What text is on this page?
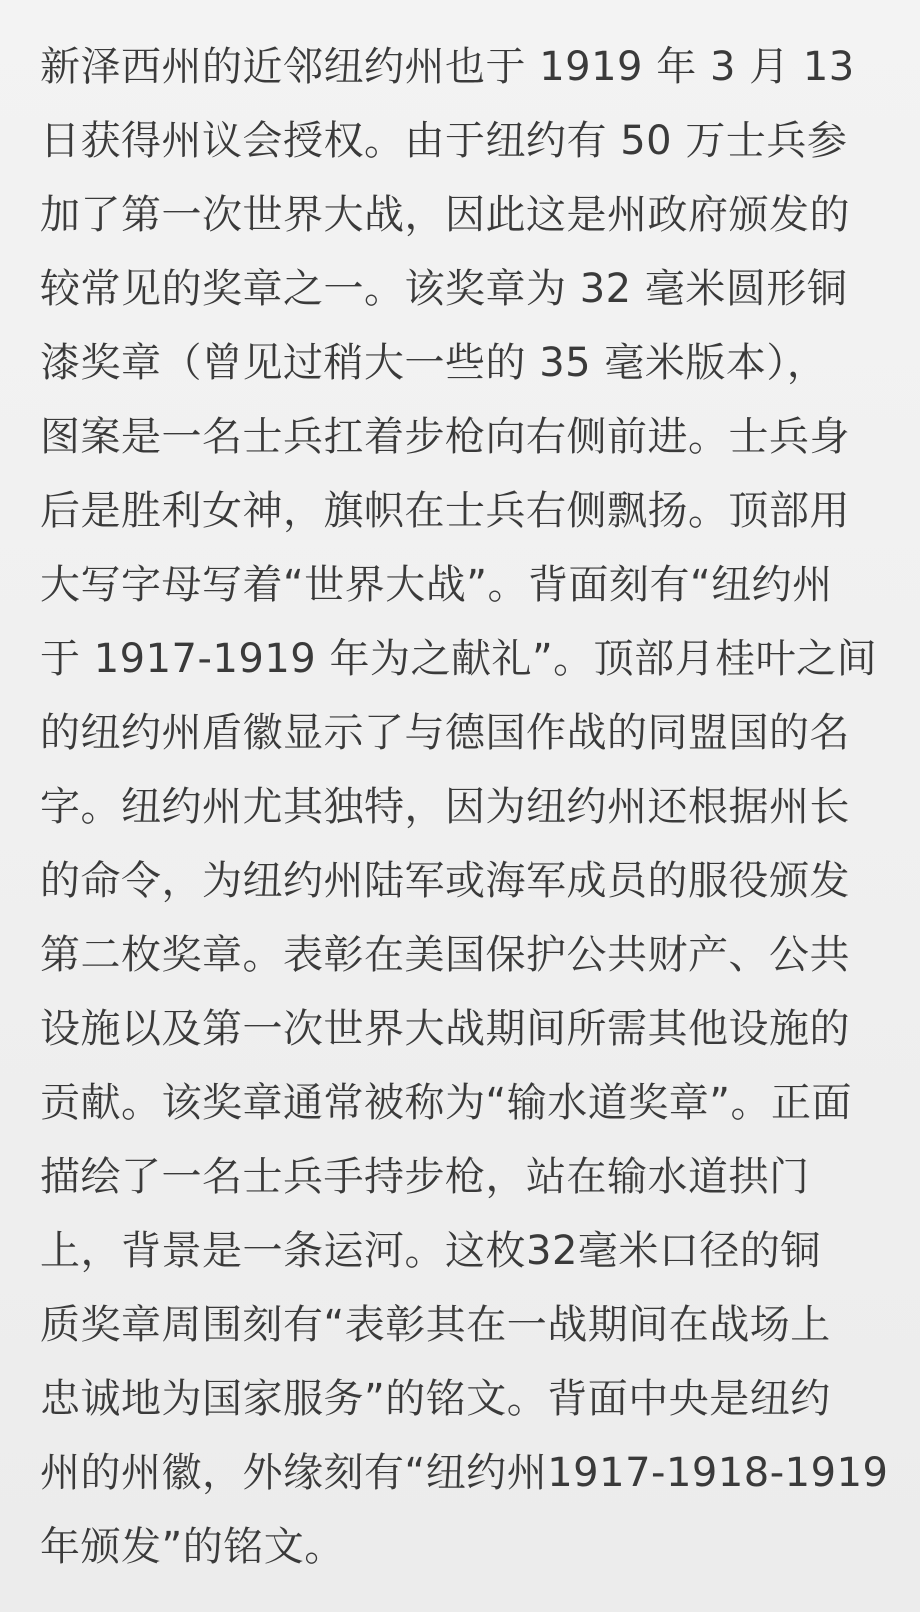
新泽西州的近邻纽约州也于 1919 年 3 月 13
日获得州议会授权。由于纽约有 50 万士兵参
加了第一次世界大战，因此这是州政府颁发的
较常见的奖章之一。该奖章为 32 毫米圆形铜
漆奖章（曾见过稍大一些的 35 毫米版本），
图案是一名士兵扛着步枪向右侧前进。士兵身
后是胜利女神，旗帜在士兵右侧飘扬。顶部用
大写字母写着“世界大战”。背面刻有“纽约州
于 1917-1919 年为之献礼”。顶部月桂叶之间
的纽约州盾徽显示了与德国作战的同盟国的名
字。纽约州尤其独特，因为纽约州还根据州长
的命令，为纽约州陆军或海军成员的服役颁发
第二枚奖章。表彰在美国保护公共财产、公共
设施以及第一次世界大战期间所需其他设施的
贡献。该奖章通常被称为“输水道奖章”。正面
描绘了一名士兵手持步枪，站在输水道拱门
上，背景是一条运河。这枚32毫米口径的铜
质奖章周围刻有“表彰其在一战期间在战场上
忠诚地为国家服务”的铭文。背面中央是纽约
州的州徽，外缘刻有“纽约州1917-1918-1919
年颁发”的铭文。
